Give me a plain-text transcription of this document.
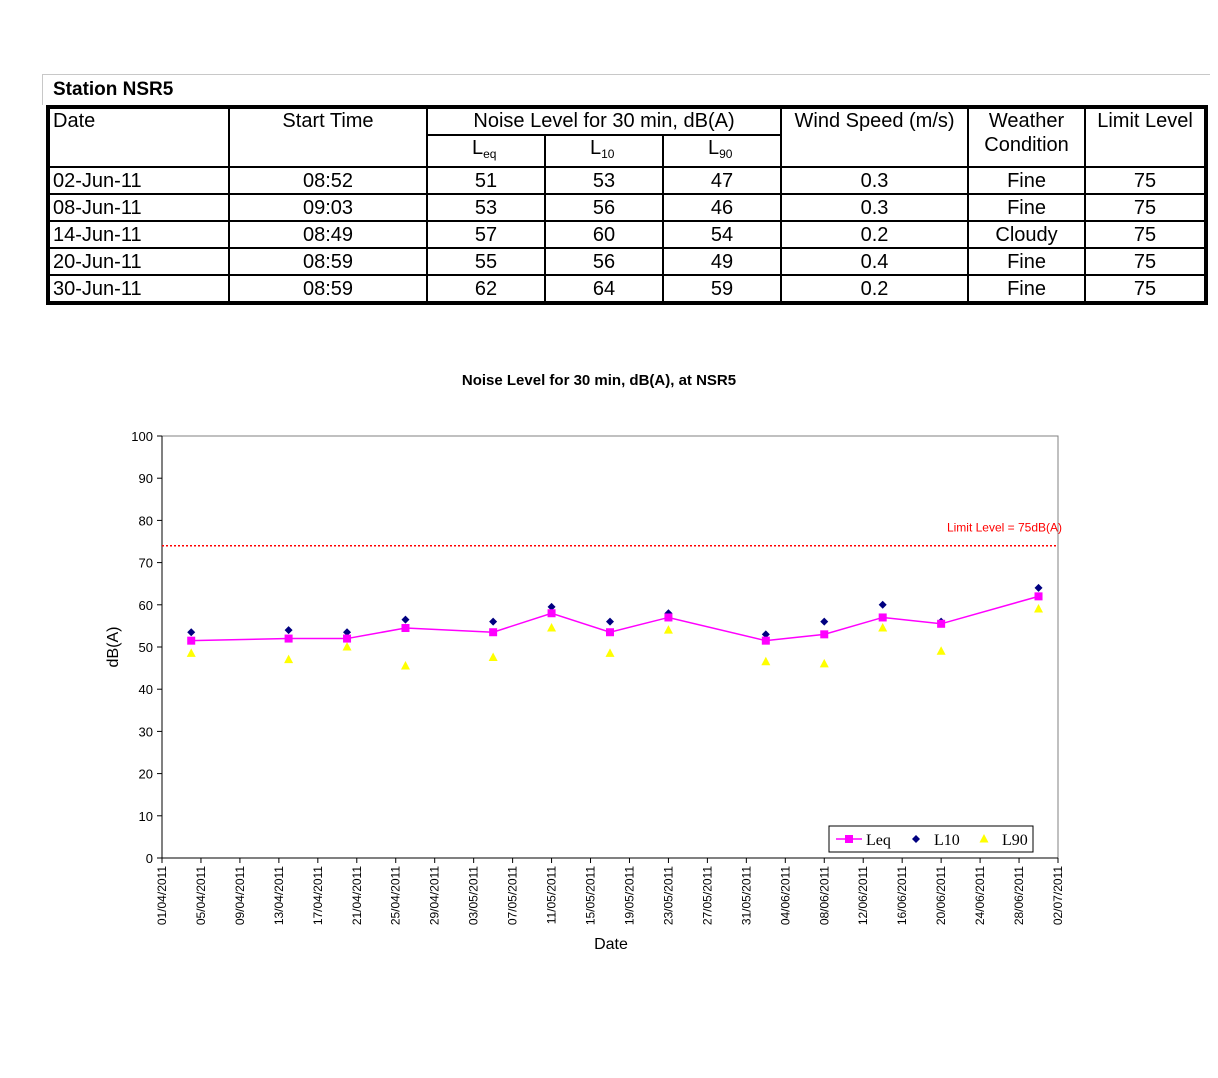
Station NSR5
Date	Start Time	Noise Level for 30 min, dB(A)			Wind Speed (m/s)	Weather Condition	Limit Level
		$L_{eq}$	$L_{10}$	$L_{90}$
02-Jun-11	08:52	51	53	47	0.3	Fine	75
08-Jun-11	09:03	53	56	46	0.3	Fine	75
14-Jun-11	08:49	57	60	54	0.2	Cloudy	75
20-Jun-11	08:59	55	56	49	0.4	Fine	75
30-Jun-11	08:59	62	64	59	0.2	Fine	75
Noise Level for 30 min, dB(A), at NSR5
0
10
20
30
40
50
60
70
80
90
100
01/04/2011 05/04/2011 09/04/2011 13/04/2011 17/04/2011 21/04/2011 25/04/2011 29/04/2011 03/05/2011 07/05/2011 11/05/2011 15/05/2011 19/05/2011 23/05/2011 27/05/2011 31/05/2011 04/06/2011 08/06/2011 12/06/2011 16/06/2011 20/06/2011 24/06/2011 28/06/2011 02/07/2011
Date
dB(A)
Limit Level = 75dB(A)
Leq	L10	L90
